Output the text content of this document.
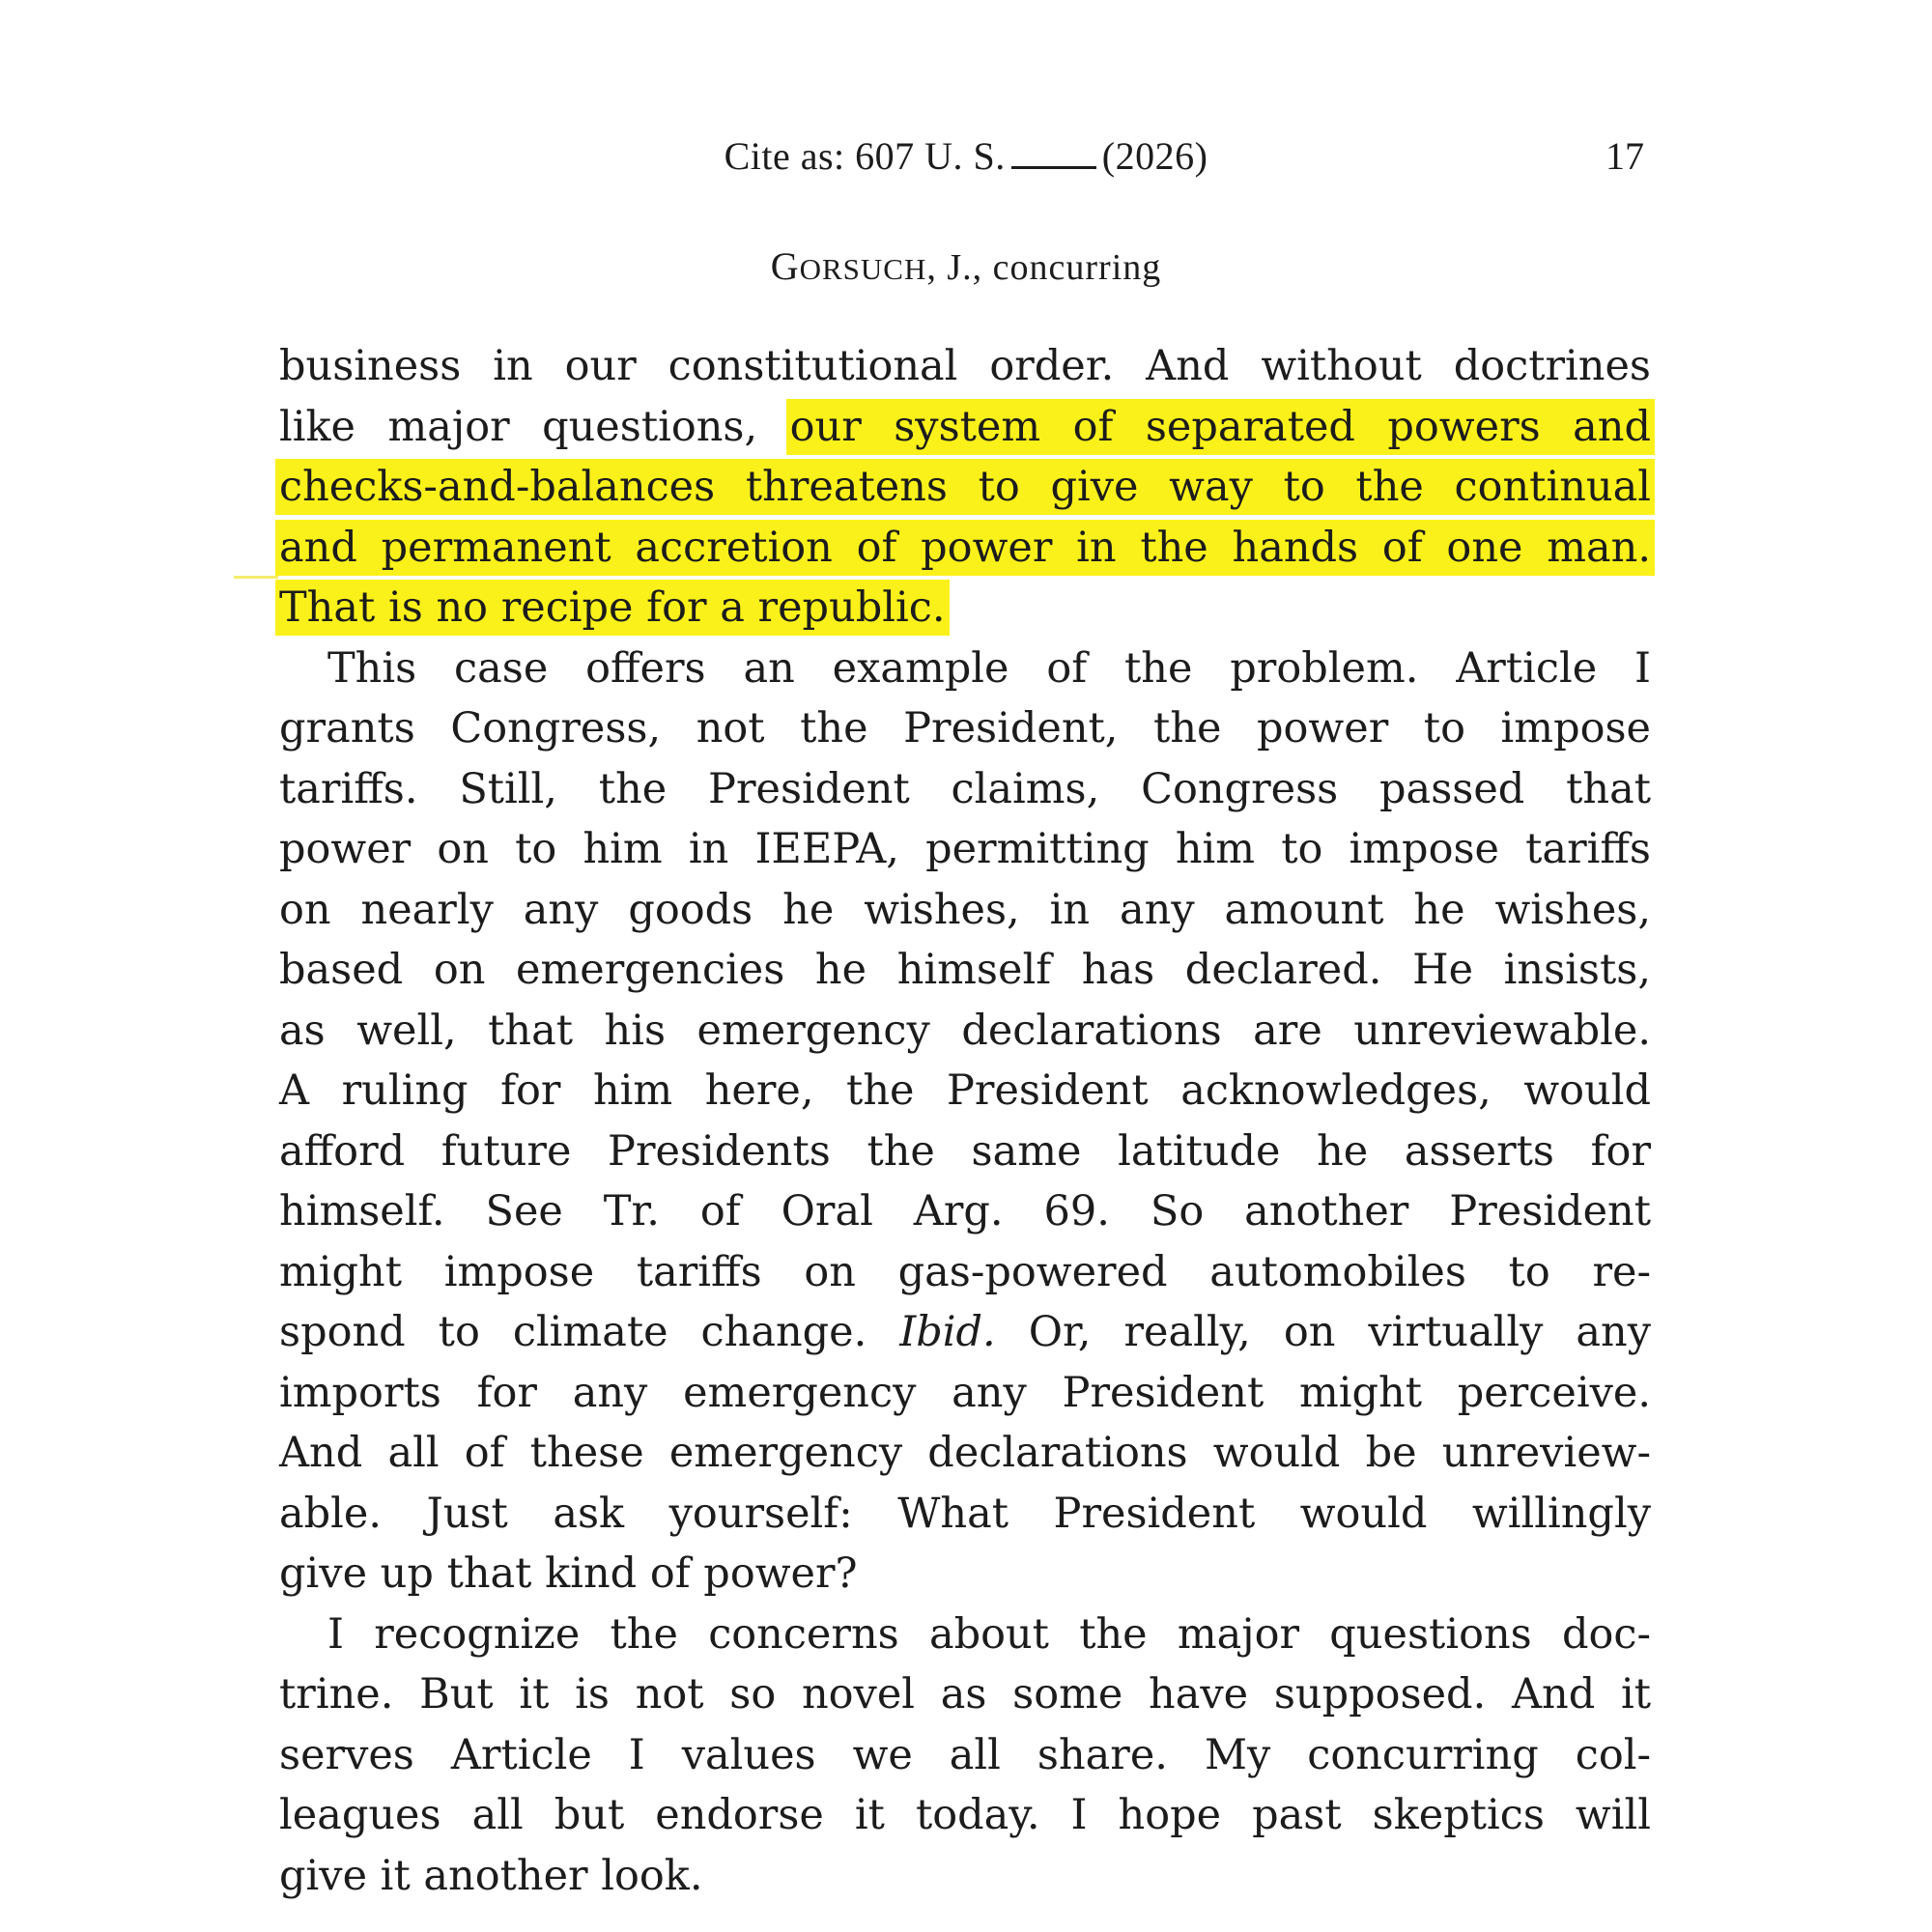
Cite as: 607 U. S.	(2026)	17
GORSUCH, J., concurring
business in our constitutional order. And without doctrines
like major questions, our system of separated powers and
checks-and-balances threatens to give way to the continual
and permanent accretion of power in the hands of one man.
That is no recipe for a republic.
This case offers an example of the problem. Article I
grants Congress, not the President, the power to impose
tariffs. Still, the President claims, Congress passed that
power on to him in IEEPA, permitting him to impose tariffs
on nearly any goods he wishes, in any amount he wishes,
based on emergencies he himself has declared. He insists,
as well, that his emergency declarations are unreviewable.
A ruling for him here, the President acknowledges, would
afford future Presidents the same latitude he asserts for
himself. See Tr. of Oral Arg. 69. So another President
might impose tariffs on gas-powered automobiles to re-
spond to climate change. Ibid. Or, really, on virtually any
imports for any emergency any President might perceive.
And all of these emergency declarations would be unreview-
able. Just ask yourself: What President would willingly
give up that kind of power?
I recognize the concerns about the major questions doc-
trine. But it is not so novel as some have supposed. And it
serves Article I values we all share. My concurring col-
leagues all but endorse it today. I hope past skeptics will
give it another look.
